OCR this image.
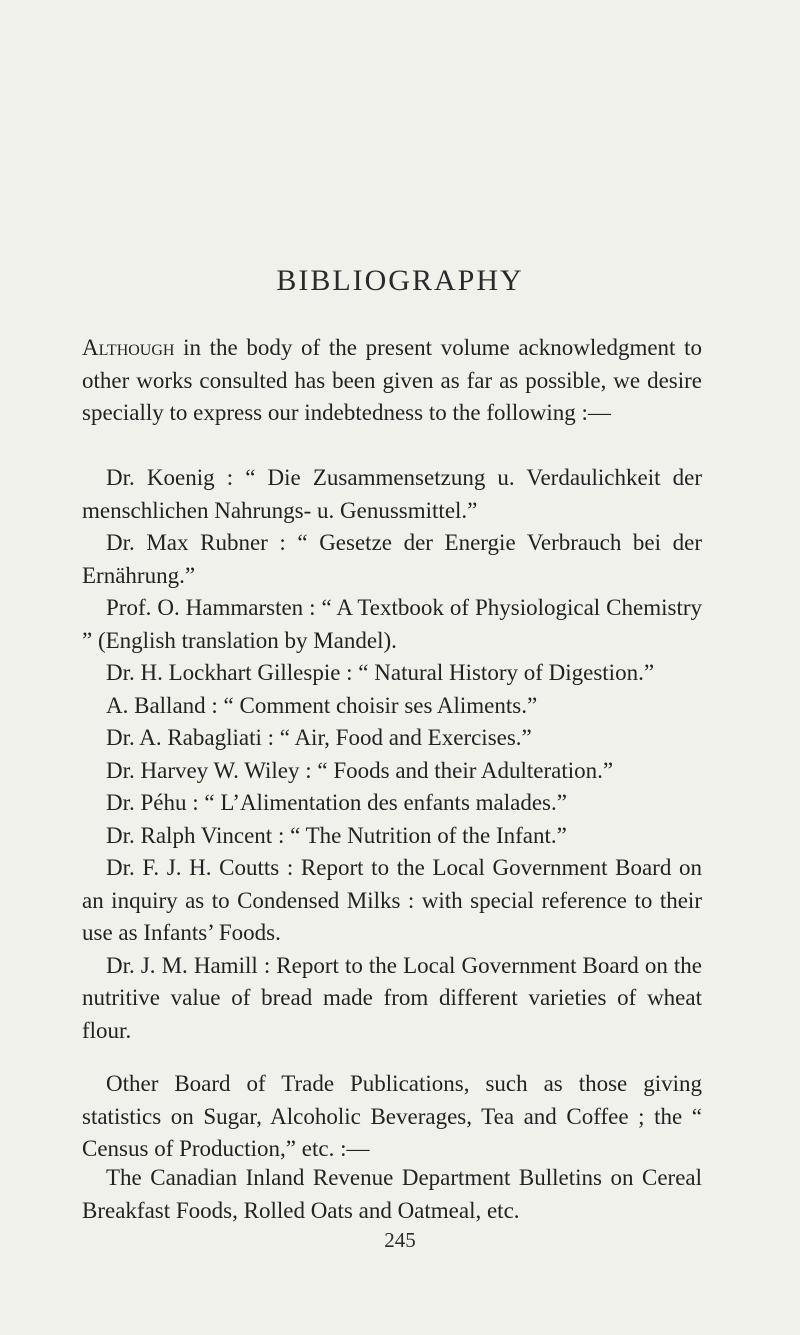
BIBLIOGRAPHY

Although in the body of the present volume acknowledgment to other works consulted has been given as far as possible, we desire specially to express our indebtedness to the following :—

Dr. Koenig : “ Die Zusammensetzung u. Verdaulichkeit der menschlichen Nahrungs- u. Genussmittel.”

Dr. Max Rubner : “ Gesetze der Energie Verbrauch bei der Ernährung.”

Prof. O. Hammarsten : “ A Textbook of Physiological Chemistry ” (English translation by Mandel).

Dr. H. Lockhart Gillespie : “ Natural History of Digestion.”

A. Balland : “ Comment choisir ses Aliments.”

Dr. A. Rabagliati : “ Air, Food and Exercises.”

Dr. Harvey W. Wiley : “ Foods and their Adulteration.”

Dr. Péhu : “ L’Alimentation des enfants malades.”

Dr. Ralph Vincent : “ The Nutrition of the Infant.”

Dr. F. J. H. Coutts : Report to the Local Government Board on an inquiry as to Condensed Milks : with special reference to their use as Infants’ Foods.

Dr. J. M. Hamill : Report to the Local Government Board on the nutritive value of bread made from different varieties of wheat flour.

Other Board of Trade Publications, such as those giving statistics on Sugar, Alcoholic Beverages, Tea and Coffee ; the “ Census of Production,” etc. :—

The Canadian Inland Revenue Department Bulletins on Cereal Breakfast Foods, Rolled Oats and Oatmeal, etc.

245
